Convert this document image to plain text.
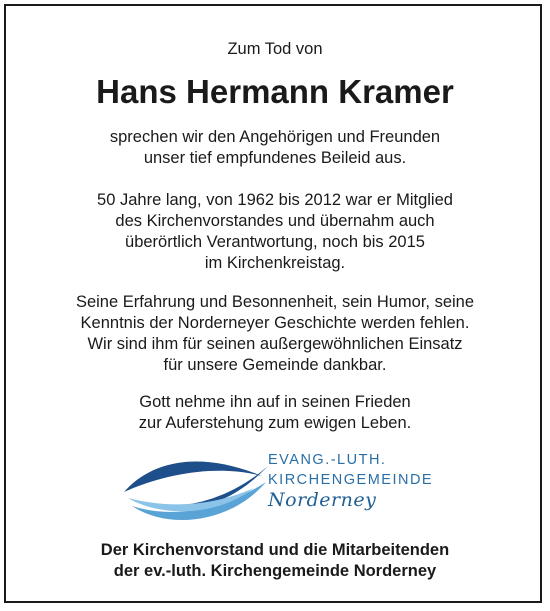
Zum Tod von
Hans Hermann Kramer
sprechen wir den Angehörigen und Freunden
unser tief empfundenes Beileid aus.
50 Jahre lang, von 1962 bis 2012 war er Mitglied
des Kirchenvorstandes und übernahm auch
überörtlich Verantwortung, noch bis 2015
im Kirchenkreistag.
Seine Erfahrung und Besonnenheit, sein Humor, seine
Kenntnis der Norderneyer Geschichte werden fehlen.
Wir sind ihm für seinen außergewöhnlichen Einsatz
für unsere Gemeinde dankbar.
Gott nehme ihn auf in seinen Frieden
zur Auferstehung zum ewigen Leben.
EVANG.-LUTH.
KIRCHENGEMEINDE
Norderney
Der Kirchenvorstand und die Mitarbeitenden
der ev.-luth. Kirchengemeinde Norderney
